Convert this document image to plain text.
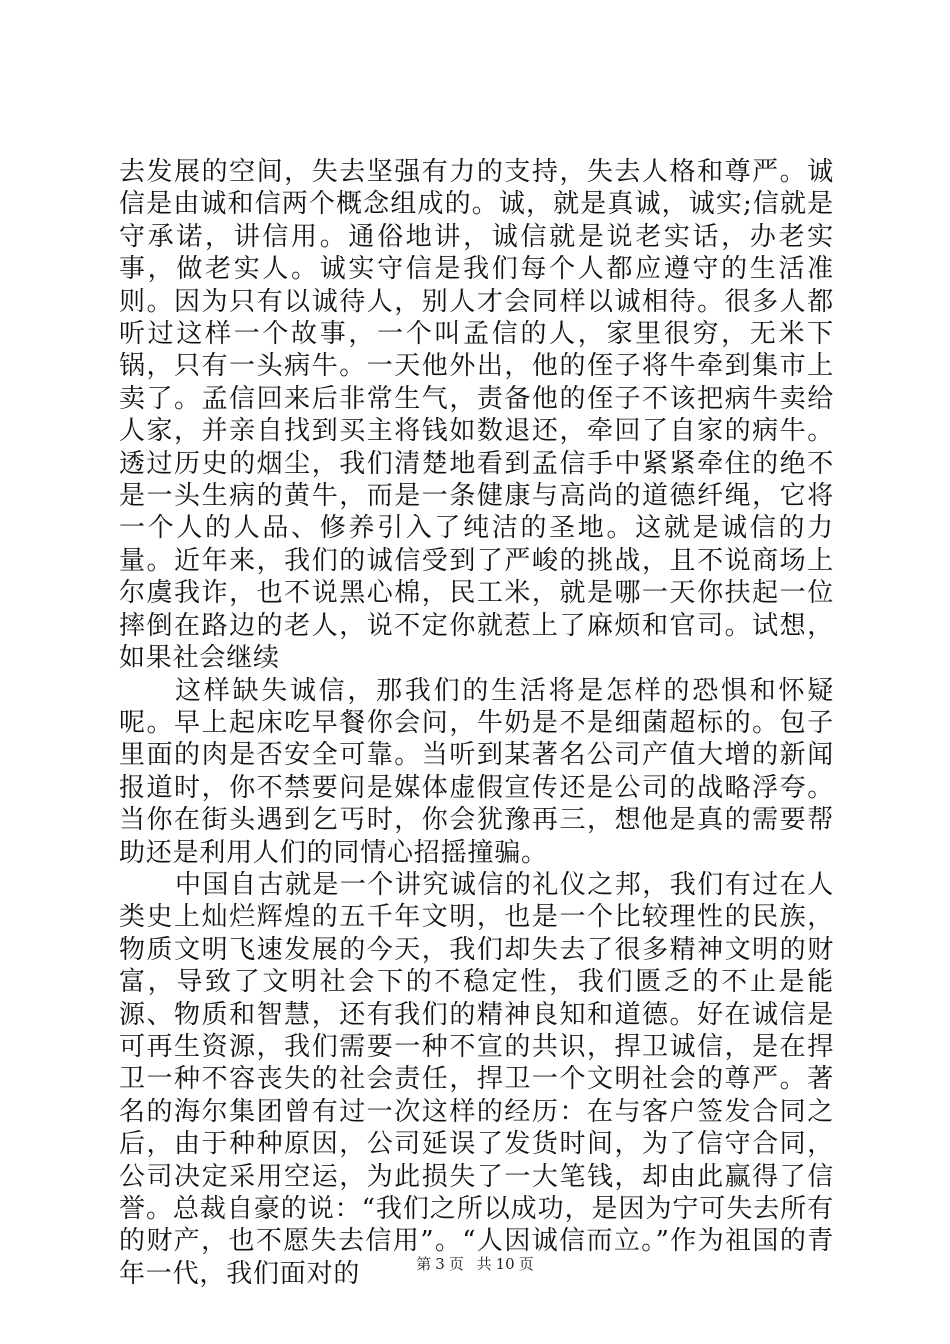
去发展的空间，失去坚强有力的支持，失去人格和尊严。诚信是由诚和信两个概念组成的。诚，就是真诚，诚实;信就是守承诺，讲信用。通俗地讲，诚信就是说老实话，办老实事，做老实人。诚实守信是我们每个人都应遵守的生活准则。因为只有以诚待人，别人才会同样以诚相待。很多人都听过这样一个故事，一个叫孟信的人，家里很穷，无米下锅，只有一头病牛。一天他外出，他的侄子将牛牵到集市上卖了。孟信回来后非常生气，责备他的侄子不该把病牛卖给人家，并亲自找到买主将钱如数退还，牵回了自家的病牛。透过历史的烟尘，我们清楚地看到孟信手中紧紧牵住的绝不是一头生病的黄牛，而是一条健康与高尚的道德纤绳，它将一个人的人品、修养引入了纯洁的圣地。这就是诚信的力量。近年来，我们的诚信受到了严峻的挑战，且不说商场上尔虞我诈，也不说黑心棉，民工米，就是哪一天你扶起一位摔倒在路边的老人，说不定你就惹上了麻烦和官司。试想，如果社会继续

这样缺失诚信，那我们的生活将是怎样的恐惧和怀疑呢。早上起床吃早餐你会问，牛奶是不是细菌超标的。包子里面的肉是否安全可靠。当听到某著名公司产值大增的新闻报道时，你不禁要问是媒体虚假宣传还是公司的战略浮夸。当你在街头遇到乞丐时，你会犹豫再三，想他是真的需要帮助还是利用人们的同情心招摇撞骗。

中国自古就是一个讲究诚信的礼仪之邦，我们有过在人类史上灿烂辉煌的五千年文明，也是一个比较理性的民族，物质文明飞速发展的今天，我们却失去了很多精神文明的财富，导致了文明社会下的不稳定性，我们匮乏的不止是能源、物质和智慧，还有我们的精神良知和道德。好在诚信是可再生资源，我们需要一种不宣的共识，捍卫诚信，是在捍卫一种不容丧失的社会责任，捍卫一个文明社会的尊严。著名的海尔集团曾有过一次这样的经历：在与客户签发合同之后，由于种种原因，公司延误了发货时间，为了信守合同，公司决定采用空运，为此损失了一大笔钱，却由此赢得了信誉。总裁自豪的说：“我们之所以成功，是因为宁可失去所有的财产，也不愿失去信用”。“人因诚信而立。”作为祖国的青年一代，我们面对的	第 3 页 共 10 页
